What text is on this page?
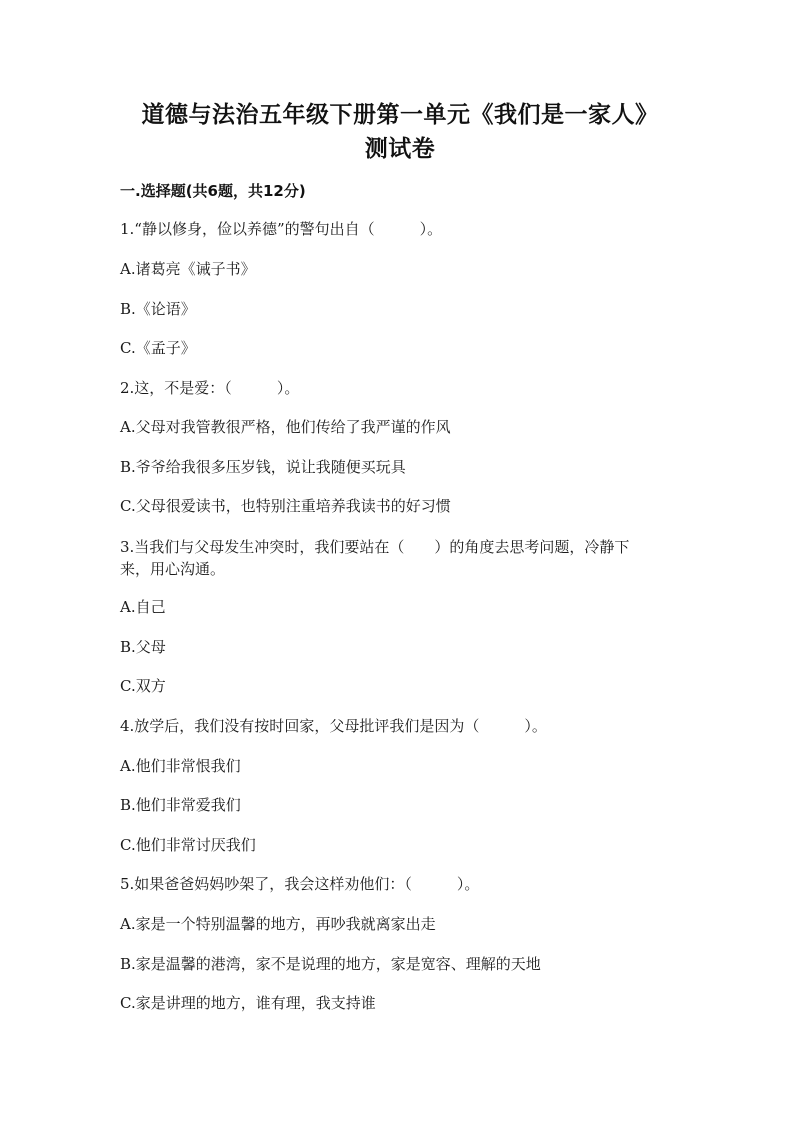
道德与法治五年级下册第一单元《我们是一家人》
测试卷
一.选择题(共6题，共12分)
1.“静以修身，俭以养德”的警句出自（　　　）。
A.诸葛亮《诫子书》
B.《论语》
C.《孟子》
2.这，不是爱：（　　　）。
A.父母对我管教很严格，他们传给了我严谨的作风
B.爷爷给我很多压岁钱，说让我随便买玩具
C.父母很爱读书，也特别注重培养我读书的好习惯
3.当我们与父母发生冲突时，我们要站在（　　）的角度去思考问题，冷静下
来，用心沟通。
A.自己
B.父母
C.双方
4.放学后，我们没有按时回家，父母批评我们是因为（　　　）。
A.他们非常恨我们
B.他们非常爱我们
C.他们非常讨厌我们
5.如果爸爸妈妈吵架了，我会这样劝他们：（　　　）。
A.家是一个特别温馨的地方，再吵我就离家出走
B.家是温馨的港湾，家不是说理的地方，家是宽容、理解的天地
C.家是讲理的地方，谁有理，我支持谁
